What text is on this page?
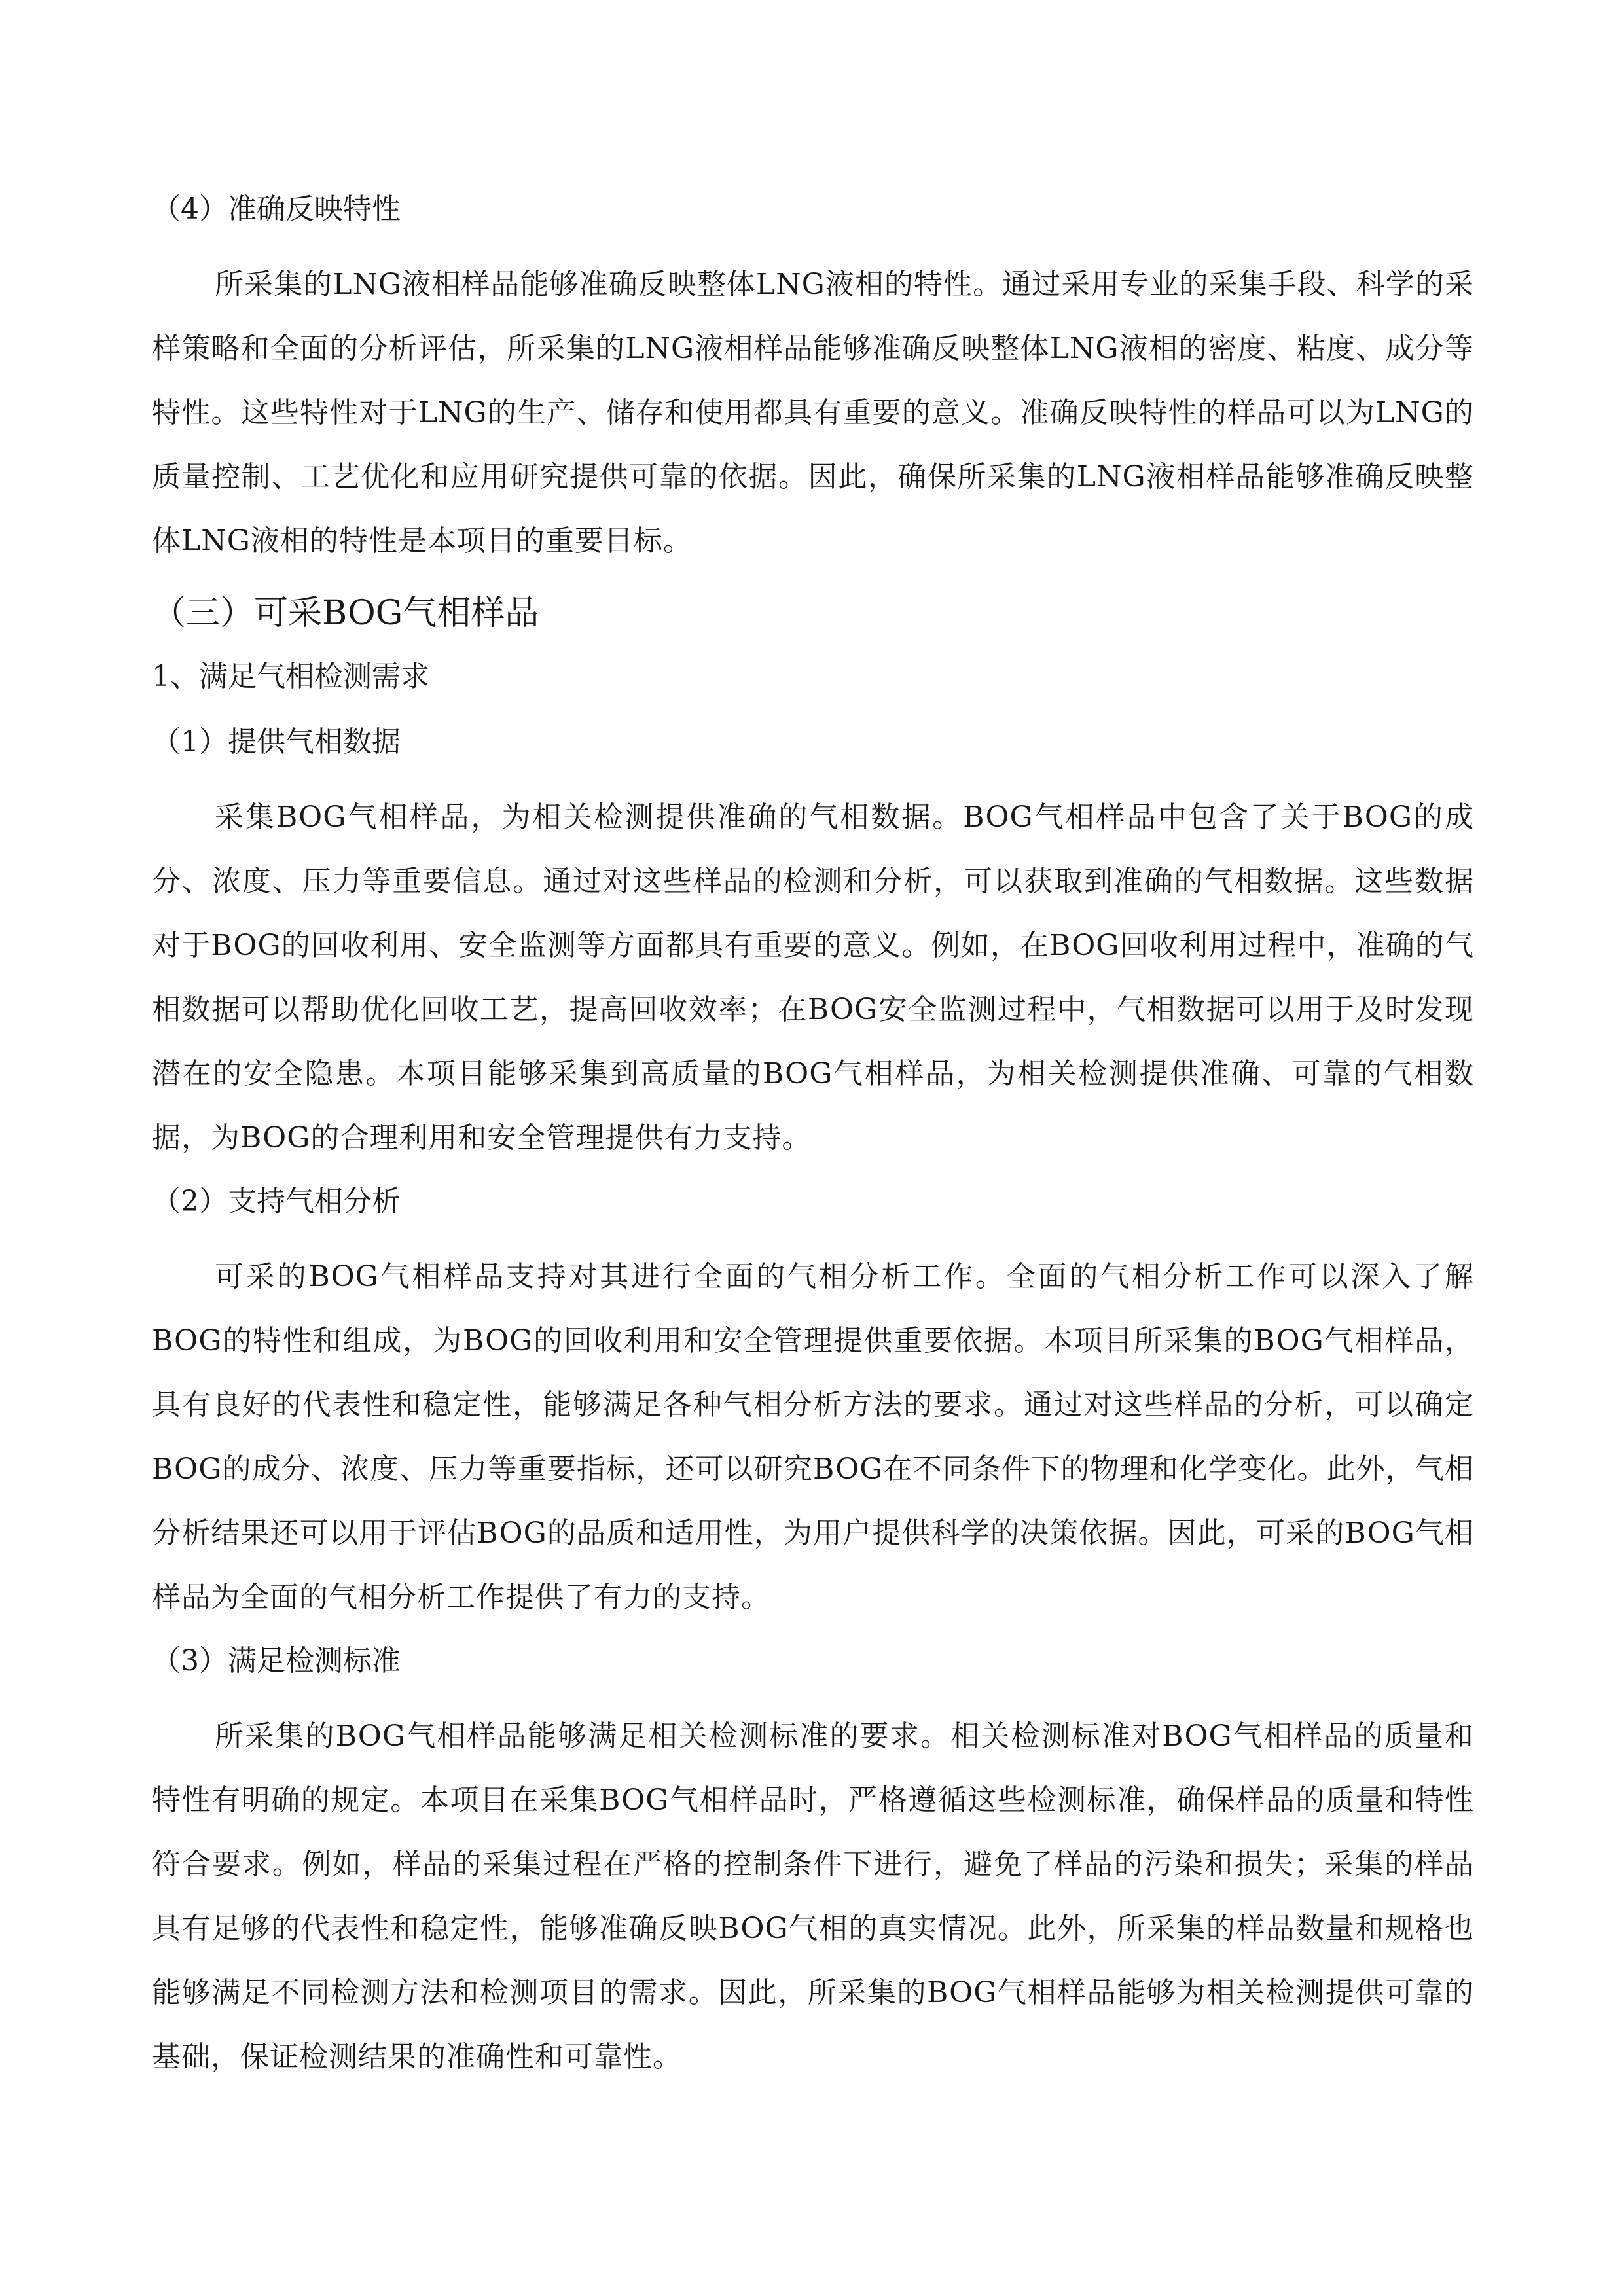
（4）准确反映特性

所采集的LNG液相样品能够准确反映整体LNG液相的特性。通过采用专业的采集手段、科学的采样策略和全面的分析评估，所采集的LNG液相样品能够准确反映整体LNG液相的密度、粘度、成分等特性。这些特性对于LNG的生产、储存和使用都具有重要的意义。准确反映特性的样品可以为LNG的质量控制、工艺优化和应用研究提供可靠的依据。因此，确保所采集的LNG液相样品能够准确反映整体LNG液相的特性是本项目的重要目标。

（三）可采BOG气相样品
1、满足气相检测需求
（1）提供气相数据

采集BOG气相样品，为相关检测提供准确的气相数据。BOG气相样品中包含了关于BOG的成分、浓度、压力等重要信息。通过对这些样品的检测和分析，可以获取到准确的气相数据。这些数据对于BOG的回收利用、安全监测等方面都具有重要的意义。例如，在BOG回收利用过程中，准确的气相数据可以帮助优化回收工艺，提高回收效率；在BOG安全监测过程中，气相数据可以用于及时发现潜在的安全隐患。本项目能够采集到高质量的BOG气相样品，为相关检测提供准确、可靠的气相数据，为BOG的合理利用和安全管理提供有力支持。

（2）支持气相分析

可采的BOG气相样品支持对其进行全面的气相分析工作。全面的气相分析工作可以深入了解BOG的特性和组成，为BOG的回收利用和安全管理提供重要依据。本项目所采集的BOG气相样品，具有良好的代表性和稳定性，能够满足各种气相分析方法的要求。通过对这些样品的分析，可以确定BOG的成分、浓度、压力等重要指标，还可以研究BOG在不同条件下的物理和化学变化。此外，气相分析结果还可以用于评估BOG的品质和适用性，为用户提供科学的决策依据。因此，可采的BOG气相样品为全面的气相分析工作提供了有力的支持。

（3）满足检测标准

所采集的BOG气相样品能够满足相关检测标准的要求。相关检测标准对BOG气相样品的质量和特性有明确的规定。本项目在采集BOG气相样品时，严格遵循这些检测标准，确保样品的质量和特性符合要求。例如，样品的采集过程在严格的控制条件下进行，避免了样品的污染和损失；采集的样品具有足够的代表性和稳定性，能够准确反映BOG气相的真实情况。此外，所采集的样品数量和规格也能够满足不同检测方法和检测项目的需求。因此，所采集的BOG气相样品能够为相关检测提供可靠的基础，保证检测结果的准确性和可靠性。
